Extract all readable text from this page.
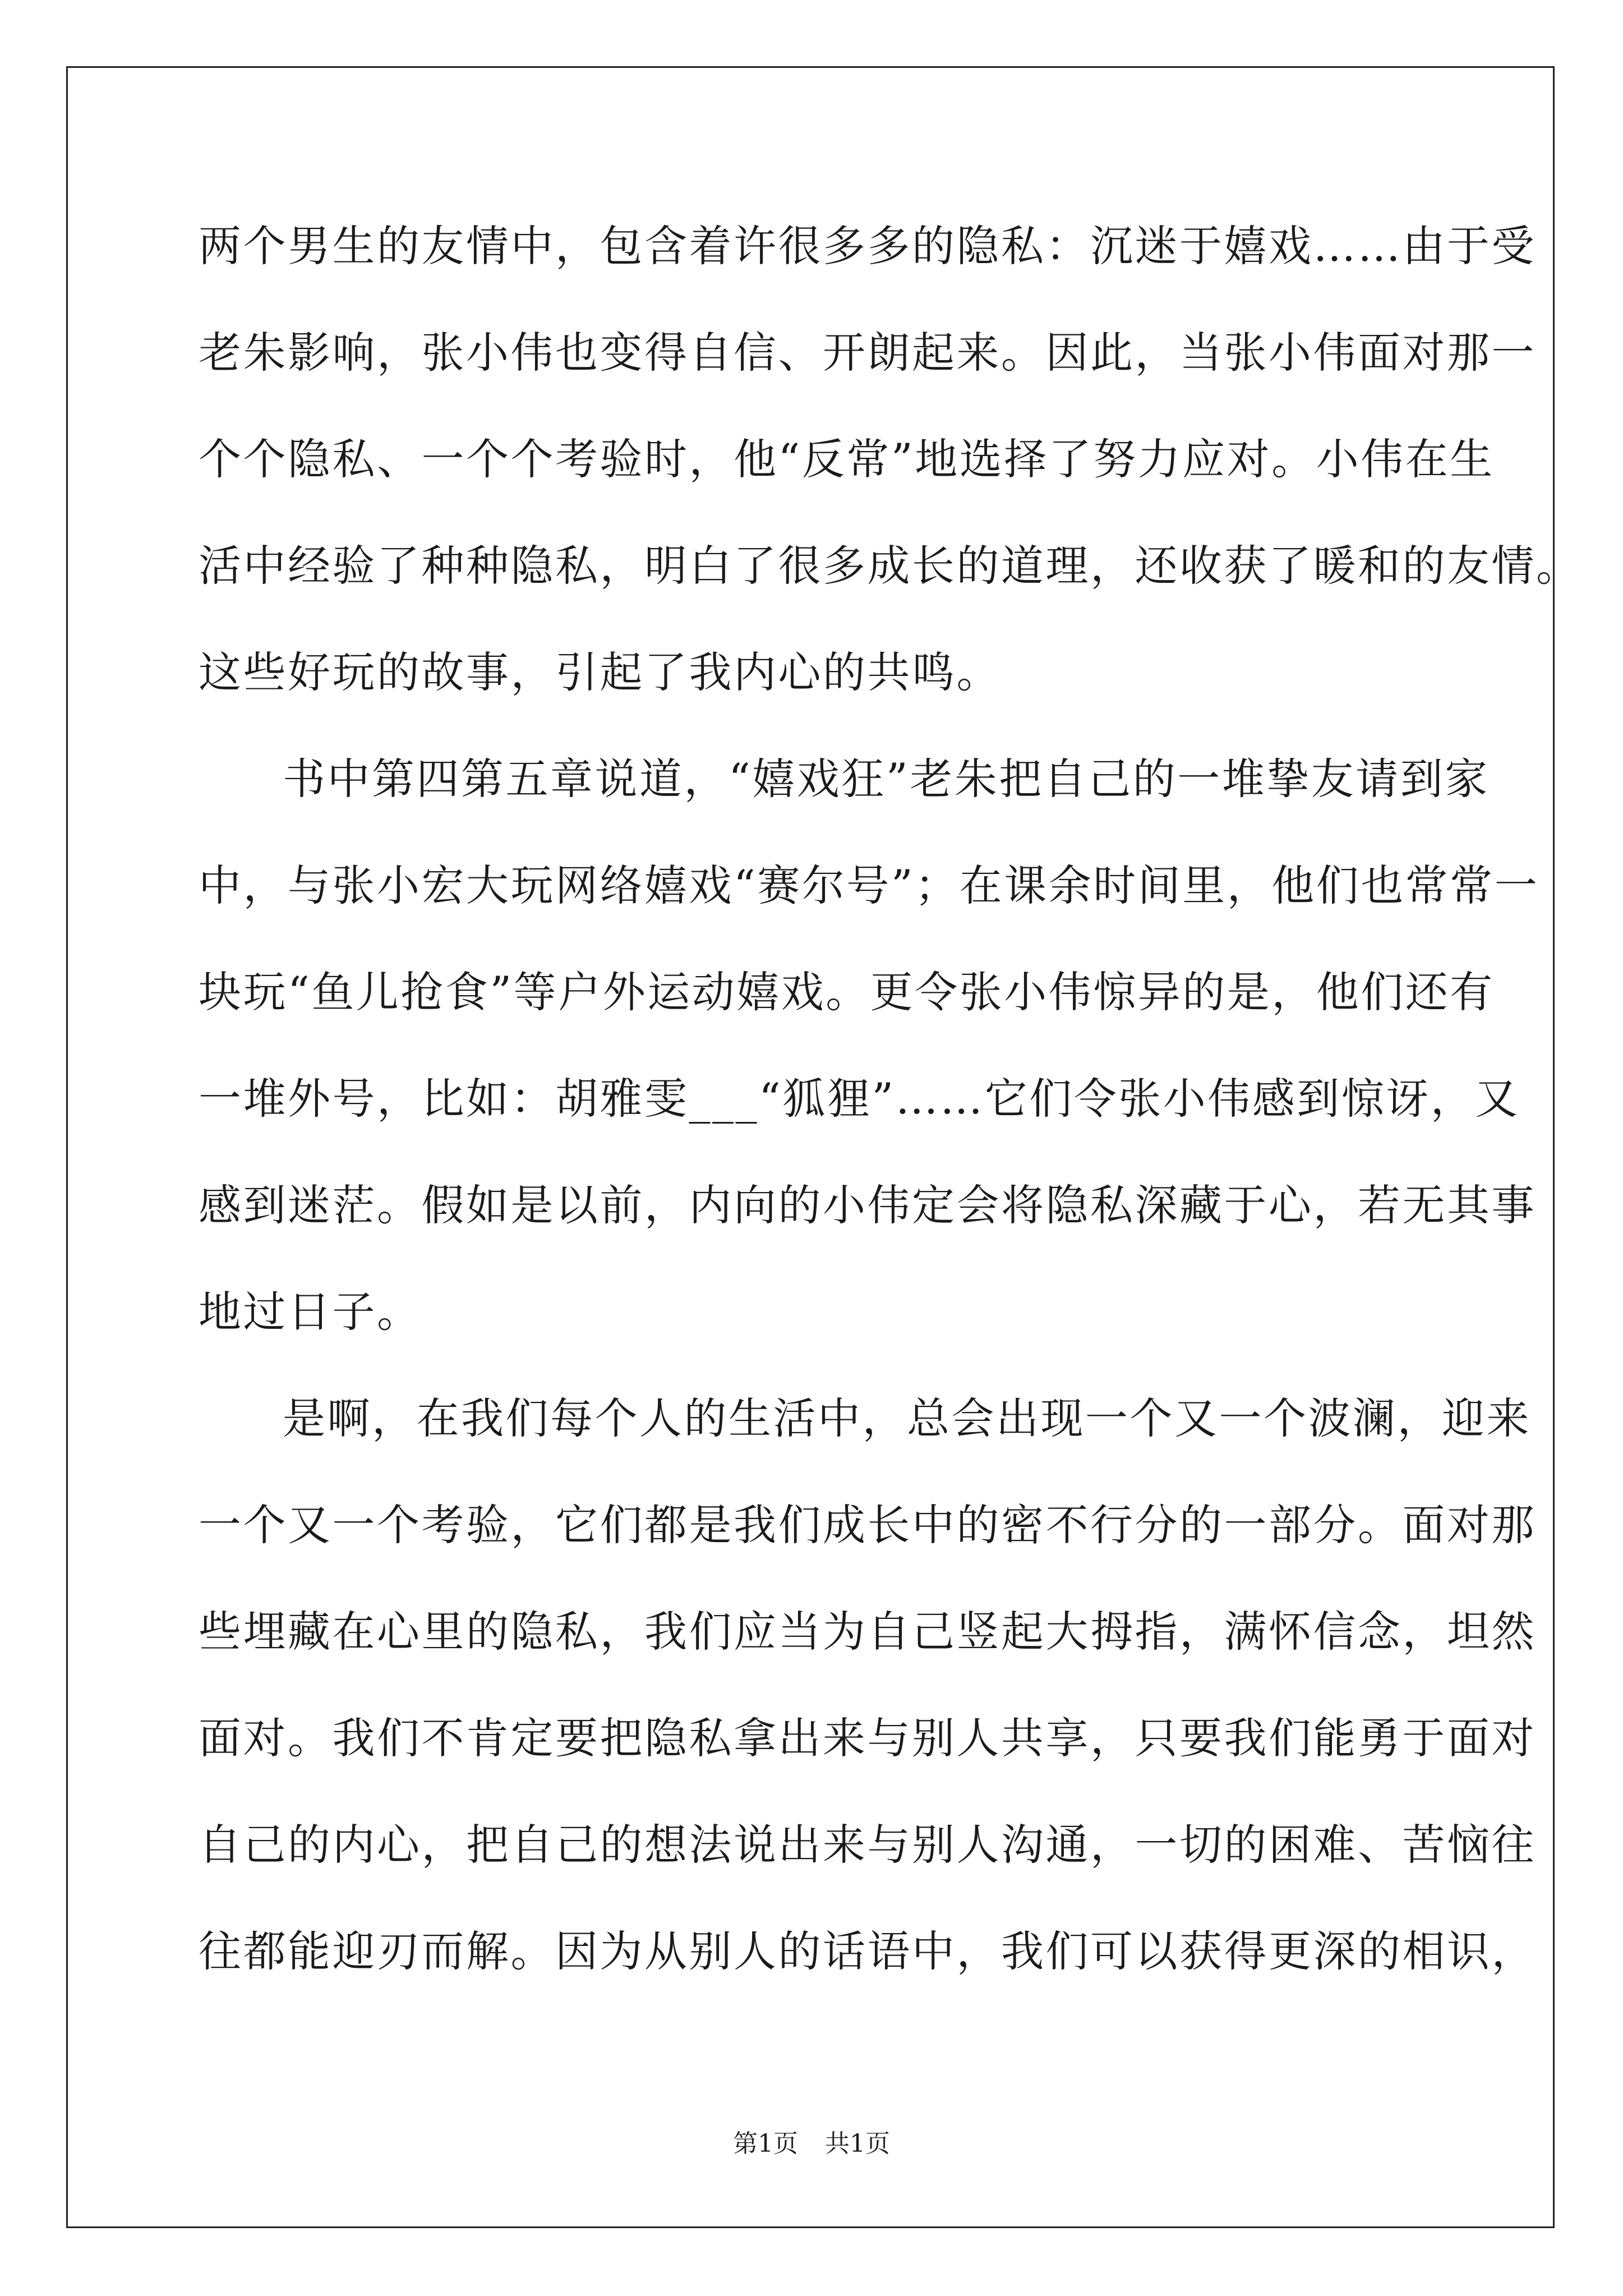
两个男生的友情中，包含着许很多多的隐私：沉迷于嬉戏……由于受
老朱影响，张小伟也变得自信、开朗起来。因此，当张小伟面对那一
个个隐私、一个个考验时，他“反常”地选择了努力应对。小伟在生
活中经验了种种隐私，明白了很多成长的道理，还收获了暖和的友情。
这些好玩的故事，引起了我内心的共鸣。
书中第四第五章说道，“嬉戏狂”老朱把自己的一堆挚友请到家
中，与张小宏大玩网络嬉戏“赛尔号”；在课余时间里，他们也常常一
块玩“鱼儿抢食”等户外运动嬉戏。更令张小伟惊异的是，他们还有
一堆外号，比如：胡雅雯___“狐狸”……它们令张小伟感到惊讶，又
感到迷茫。假如是以前，内向的小伟定会将隐私深藏于心，若无其事
地过日子。
是啊，在我们每个人的生活中，总会出现一个又一个波澜，迎来
一个又一个考验，它们都是我们成长中的密不行分的一部分。面对那
些埋藏在心里的隐私，我们应当为自己竖起大拇指，满怀信念，坦然
面对。我们不肯定要把隐私拿出来与别人共享，只要我们能勇于面对
自己的内心，把自己的想法说出来与别人沟通，一切的困难、苦恼往
往都能迎刃而解。因为从别人的话语中，我们可以获得更深的相识，
第1页 共1页
